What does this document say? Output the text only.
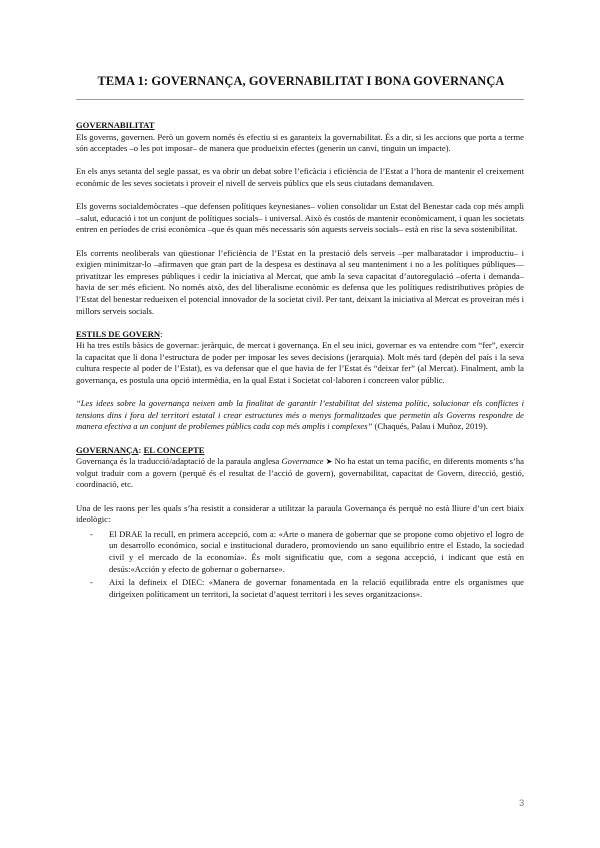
TEMA 1: GOVERNANÇA, GOVERNABILITAT I BONA GOVERNANÇA
GOVERNABILITAT

Els governs, governen. Però un govern només és efectiu si es garanteix la governabilitat. És a dir, si les accions que porta a terme són acceptades –o les pot imposar– de manera que produeixin efectes (generin un canvi, tinguin un impacte).

En els anys setanta del segle passat, es va obrir un debat sobre l’eficàcia i eficiència de l’Estat a l’hora de mantenir el creixement econòmic de les seves societats i proveir el nivell de serveis públics que els seus ciutadans demandaven.

Els governs socialdemòcrates –que defensen polítiques keynesianes– volien consolidar un Estat del Benestar cada cop més ampli –salut, educació i tot un conjunt de polítiques socials– i universal. Això és costós de mantenir econòmicament, i quan les societats entren en períodes de crisi econòmica –que és quan més necessaris són aquests serveis socials– està en risc la seva sostenibilitat.

Els corrents neoliberals van qüestionar l’eficiència de l’Estat en la prestació dels serveis –per malbaratador i improductiu– i exigien minimitzar-lo –afirmaven que gran part de la despesa es destinava al seu manteniment i no a les polítiques públiques— privatitzar les empreses públiques i cedir la iniciativa al Mercat, que amb la seva capacitat d’autoregulació –oferta i demanda– havia de ser més eficient. No només això, des del liberalisme econòmic es defensa que les polítiques redistributives pròpies de l’Estat del benestar redueixen el potencial innovador de la societat civil. Per tant, deixant la iniciativa al Mercat es proveiran més i millors serveis socials.

ESTILS DE GOVERN:

Hi ha tres estils bàsics de governar: jeràrquic, de mercat i governança. En el seu inici, governar es va entendre com “fer”, exercir la capacitat que li dona l’estructura de poder per imposar les seves decisions (jerarquia). Molt més tard (depèn del país i la seva cultura respecte al poder de l’Estat), es va defensar que el que havia de fer l’Estat és “deixar fer” (al Mercat). Finalment, amb la governança, es postula una opció intermèdia, en la qual Estat i Societat col·laboren i concreen valor públic.

“Les idees sobre la governança neixen amb la finalitat de garantir l’estabilitat del sistema polític, solucionar els conflictes i tensions dins i fora del territori estatal i crear estructures més o menys formalitzades que permetin als Governs respondre de manera efectiva a un conjunt de problemes públics cada cop més amplis i complexes” (Chaqués, Palau i Muñoz, 2019).

GOVERNANÇA: EL CONCEPTE

Governança és la traducció/adaptació de la paraula anglesa Governance ➤ No ha estat un tema pacífic, en diferents moments s’ha volgut traduir com a govern (perquè és el resultat de l’acció de govern), governabilitat, capacitat de Govern, direcció, gestió, coordinació, etc.

Una de les raons per les quals s’ha resistit a considerar a utilitzar la paraula Governança és perquè no està lliure d’un cert biaix ideològic:

- El DRAE la recull, en primera accepció, com a: «Arte o manera de gobernar que se propone como objetivo el logro de un desarrollo económico, social e institucional duradero, promoviendo un sano equilibrio entre el Estado, la sociedad civil y el mercado de la economía». És molt significatiu que, com a segona accepció, i indicant que està en desús:«Acción y efecto de gobernar o gobernarse».
- Així la defineix el DIEC: «Manera de governar fonamentada en la relació equilibrada entre els organismes que dirigeixen políticament un territori, la societat d’aquest territori i les seves organitzacions».
3
